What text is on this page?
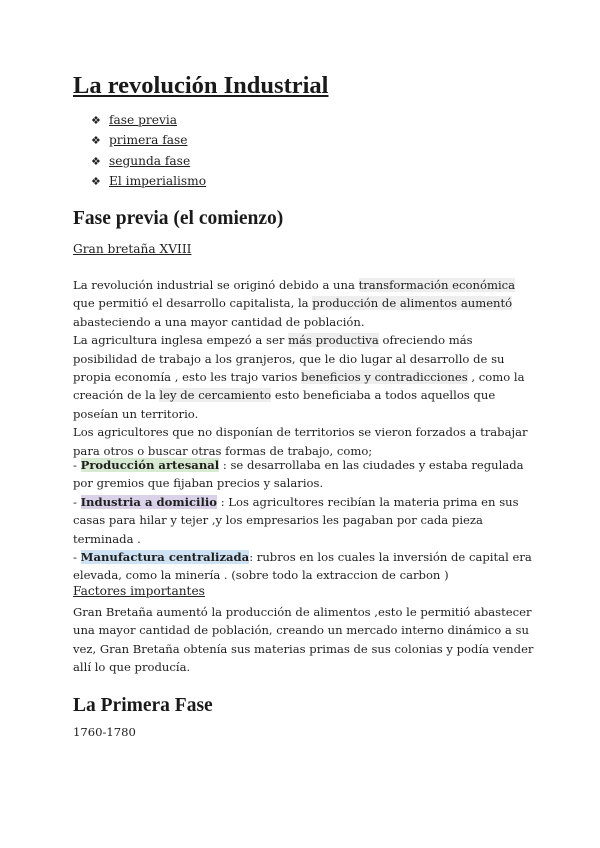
La revolución Industrial
❖ fase previa
❖ primera fase
❖ segunda fase
❖ El imperialismo
Fase previa (el comienzo)
Gran bretaña XVIII

La revolución industrial se originó debido a una transformación económica que permitió el desarrollo capitalista, la producción de alimentos aumentó abasteciendo a una mayor cantidad de población.

La agricultura inglesa empezó a ser más productiva ofreciendo más posibilidad de trabajo a los granjeros, que le dio lugar al desarrollo de su propia economía , esto les trajo varios beneficios y contradicciones , como la creación de la ley de cercamiento esto beneficiaba a todos aquellos que poseían un territorio.

Los agricultores que no disponían de territorios se vieron forzados a trabajar para otros o buscar otras formas de trabajo, como;

- Producción artesanal : se desarrollaba en las ciudades y estaba regulada por gremios que fijaban precios y salarios.

- Industria a domicilio : Los agricultores recibían la materia prima en sus casas para hilar y tejer ,y los empresarios les pagaban por cada pieza terminada .

- Manufactura centralizada: rubros en los cuales la inversión de capital era elevada, como la minería . (sobre todo la extraccion de carbon )

Factores importantes

Gran Bretaña aumentó la producción de alimentos ,esto le permitió abastecer una mayor cantidad de población, creando un mercado interno dinámico a su vez, Gran Bretaña obtenía sus materias primas de sus colonias y podía vender allí lo que producía.

La Primera Fase
1760-1780
